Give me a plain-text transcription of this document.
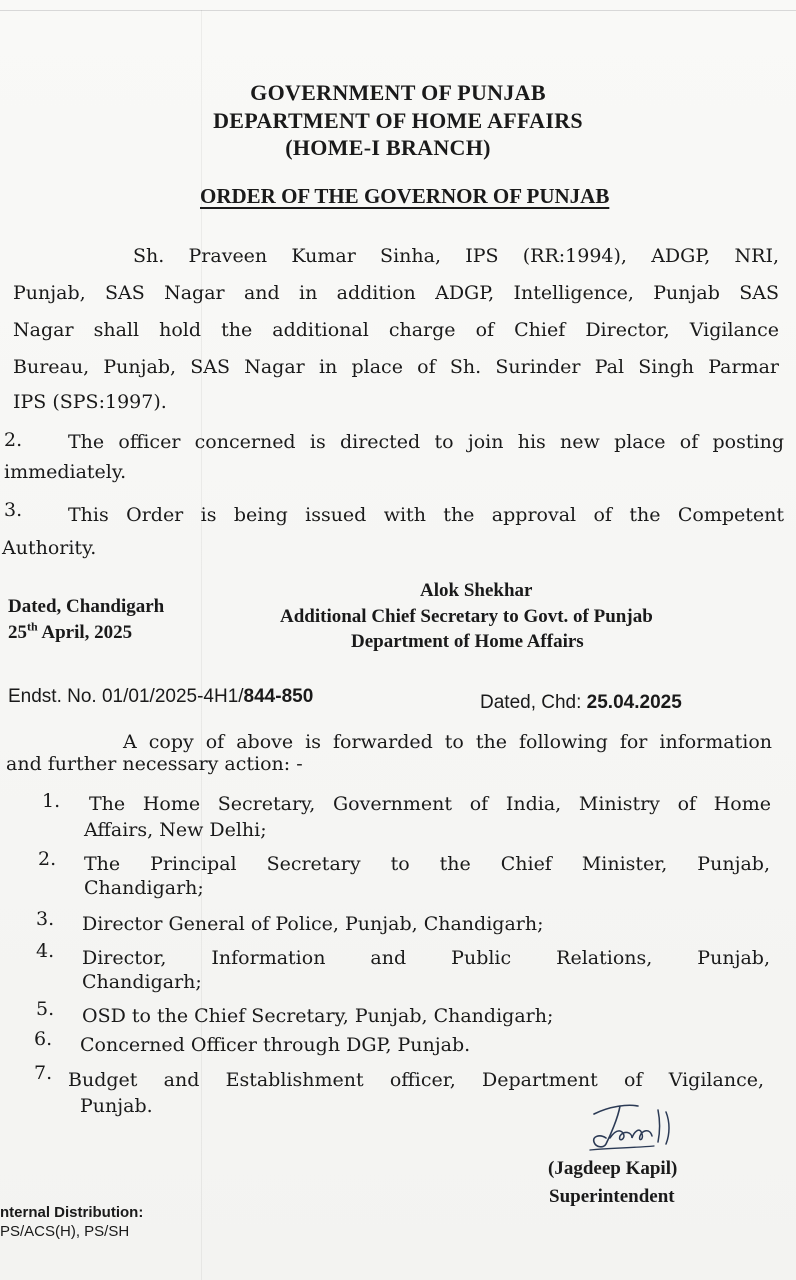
GOVERNMENT OF PUNJAB
DEPARTMENT OF HOME AFFAIRS
(HOME-I BRANCH)
ORDER OF THE GOVERNOR OF PUNJAB
Sh. Praveen Kumar Sinha, IPS (RR:1994), ADGP, NRI,
Punjab, SAS Nagar and in addition ADGP, Intelligence, Punjab SAS
Nagar shall hold the additional charge of Chief Director, Vigilance
Bureau, Punjab, SAS Nagar in place of Sh. Surinder Pal Singh Parmar
IPS (SPS:1997).
2. The officer concerned is directed to join his new place of posting
immediately.
3. This Order is being issued with the approval of the Competent
Authority.
Dated, Chandigarh
25th April, 2025
Alok Shekhar
Additional Chief Secretary to Govt. of Punjab
Department of Home Affairs
Endst. No. 01/01/2025-4H1/844-850	Dated, Chd: 25.04.2025
A copy of above is forwarded to the following for information
and further necessary action: -
1. The Home Secretary, Government of India, Ministry of Home
Affairs, New Delhi;
2. The Principal Secretary to the Chief Minister, Punjab,
Chandigarh;
3. Director General of Police, Punjab, Chandigarh;
4. Director, Information and Public Relations, Punjab,
Chandigarh;
5. OSD to the Chief Secretary, Punjab, Chandigarh;
6. Concerned Officer through DGP, Punjab.
7. Budget and Establishment officer, Department of Vigilance,
Punjab.
(Jagdeep Kapil)
Superintendent
nternal Distribution:
PS/ACS(H), PS/SH
